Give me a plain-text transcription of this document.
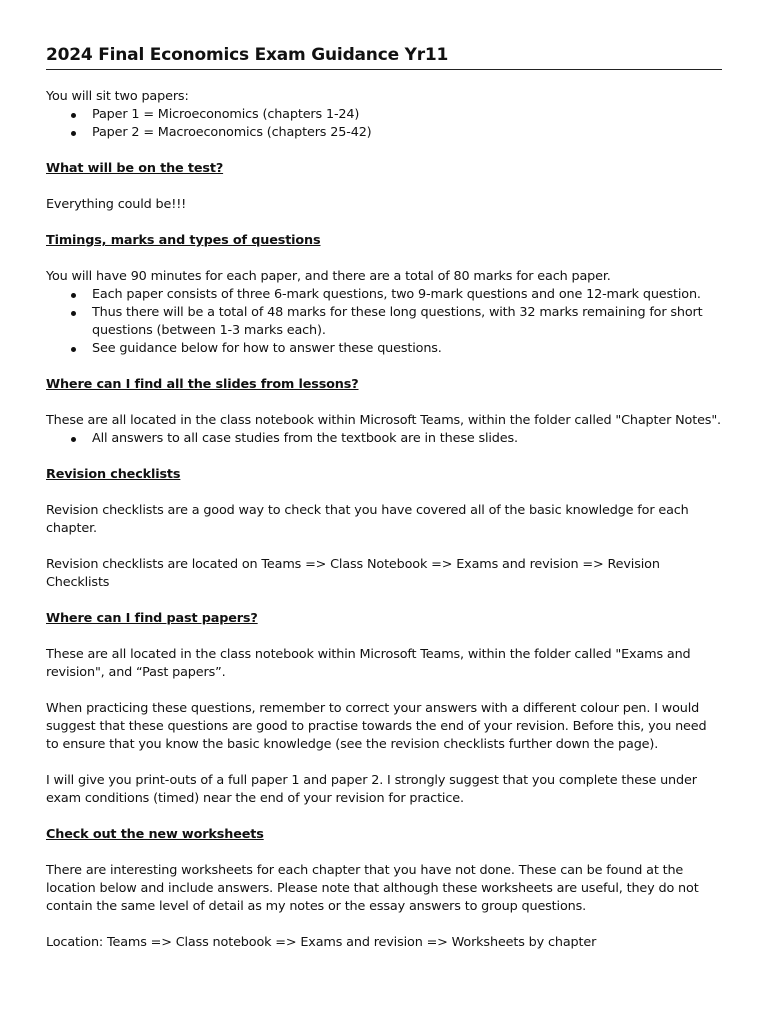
2024 Final Economics Exam Guidance Yr11

You will sit two papers:

Paper 1 = Microeconomics (chapters 1-24)
Paper 2 = Macroeconomics (chapters 25-42)
What will be on the test?

Everything could be!!!

Timings, marks and types of questions

You will have 90 minutes for each paper, and there are a total of 80 marks for each paper.

Each paper consists of three 6-mark questions, two 9-mark questions and one 12-mark question.
Thus there will be a total of 48 marks for these long questions, with 32 marks remaining for short questions (between 1-3 marks each).
See guidance below for how to answer these questions.
Where can I find all the slides from lessons?

These are all located in the class notebook within Microsoft Teams, within the folder called "Chapter Notes".

All answers to all case studies from the textbook are in these slides.
Revision checklists

Revision checklists are a good way to check that you have covered all of the basic knowledge for each chapter.

Revision checklists are located on Teams => Class Notebook => Exams and revision => Revision Checklists

Where can I find past papers?

These are all located in the class notebook within Microsoft Teams, within the folder called "Exams and revision", and “Past papers”.

When practicing these questions, remember to correct your answers with a different colour pen. I would suggest that these questions are good to practise towards the end of your revision. Before this, you need to ensure that you know the basic knowledge (see the revision checklists further down the page).

I will give you print-outs of a full paper 1 and paper 2. I strongly suggest that you complete these under exam conditions (timed) near the end of your revision for practice.

Check out the new worksheets

There are interesting worksheets for each chapter that you have not done. These can be found at the location below and include answers. Please note that although these worksheets are useful, they do not contain the same level of detail as my notes or the essay answers to group questions.

Location: Teams => Class notebook => Exams and revision => Worksheets by chapter
